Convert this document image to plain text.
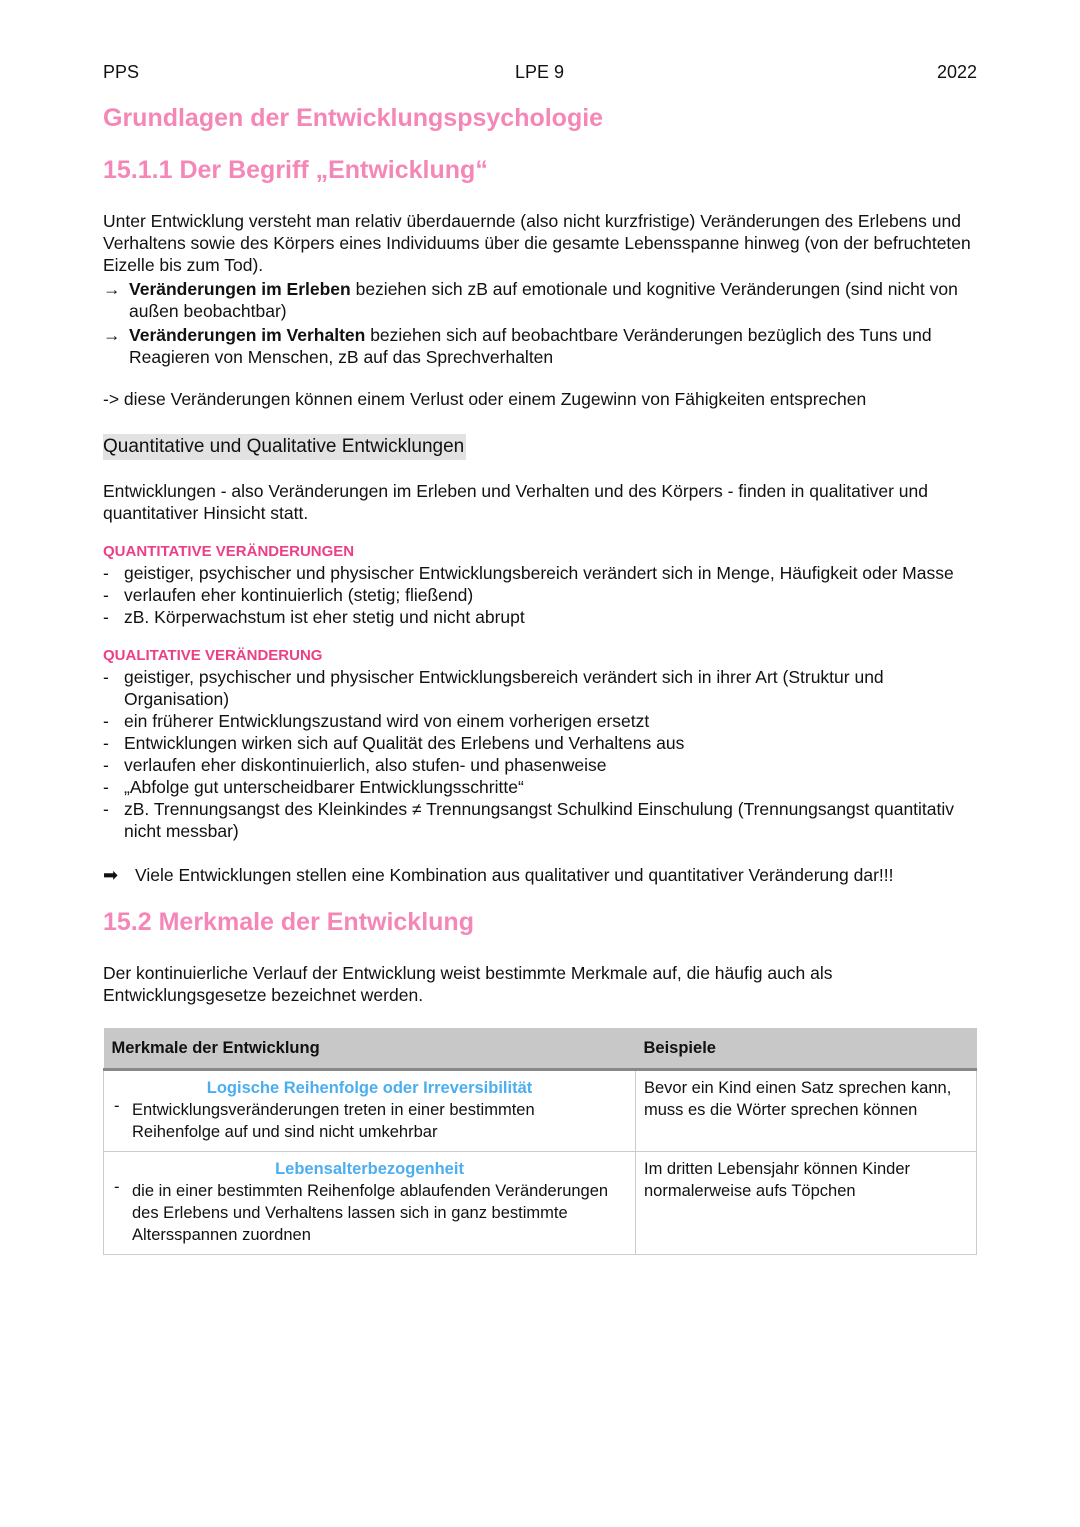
PPS	LPE 9	2022
Grundlagen der Entwicklungspsychologie
15.1.1 Der Begriff „Entwicklung“

Unter Entwicklung versteht man relativ überdauernde (also nicht kurzfristige) Veränderungen des Erlebens und Verhaltens sowie des Körpers eines Individuums über die gesamte Lebensspanne hinweg (von der befruchteten Eizelle bis zum Tod).

→ Veränderungen im Erleben beziehen sich zB auf emotionale und kognitive Veränderungen (sind nicht von außen beobachtbar)
→ Veränderungen im Verhalten beziehen sich auf beobachtbare Veränderungen bezüglich des Tuns und Reagieren von Menschen, zB auf das Sprechverhalten

-> diese Veränderungen können einem Verlust oder einem Zugewinn von Fähigkeiten entsprechen

Quantitative und Qualitative Entwicklungen

Entwicklungen - also Veränderungen im Erleben und Verhalten und des Körpers - finden in qualitativer und quantitativer Hinsicht statt.

QUANTITATIVE VERÄNDERUNGEN
- geistiger, psychischer und physischer Entwicklungsbereich verändert sich in Menge, Häufigkeit oder Masse
- verlaufen eher kontinuierlich (stetig; fließend)
- zB. Körperwachstum ist eher stetig und nicht abrupt
QUALITATIVE VERÄNDERUNG
- geistiger, psychischer und physischer Entwicklungsbereich verändert sich in ihrer Art (Struktur und Organisation)
- ein früherer Entwicklungszustand wird von einem vorherigen ersetzt
- Entwicklungen wirken sich auf Qualität des Erlebens und Verhaltens aus
- verlaufen eher diskontinuierlich, also stufen- und phasenweise
- „Abfolge gut unterscheidbarer Entwicklungsschritte“
- zB. Trennungsangst des Kleinkindes ≠ Trennungsangst Schulkind Einschulung (Trennungsangst quantitativ nicht messbar)
➡ Viele Entwicklungen stellen eine Kombination aus qualitativer und quantitativer Veränderung dar!!!
15.2 Merkmale der Entwicklung

Der kontinuierliche Verlauf der Entwicklung weist bestimmte Merkmale auf, die häufig auch als Entwicklungsgesetze bezeichnet werden.

Merkmale der Entwicklung	Beispiele

Logische Reihenfolge oder Irreversibilität
- Entwicklungsveränderungen treten in einer bestimmten Reihenfolge auf und sind nicht umkehrbar	Bevor ein Kind einen Satz sprechen kann, muss es die Wörter sprechen können

Lebensalterbezogenheit
- die in einer bestimmten Reihenfolge ablaufenden Veränderungen des Erlebens und Verhaltens lassen sich in ganz bestimmte Altersspannen zuordnen	Im dritten Lebensjahr können Kinder normalerweise aufs Töpchen
